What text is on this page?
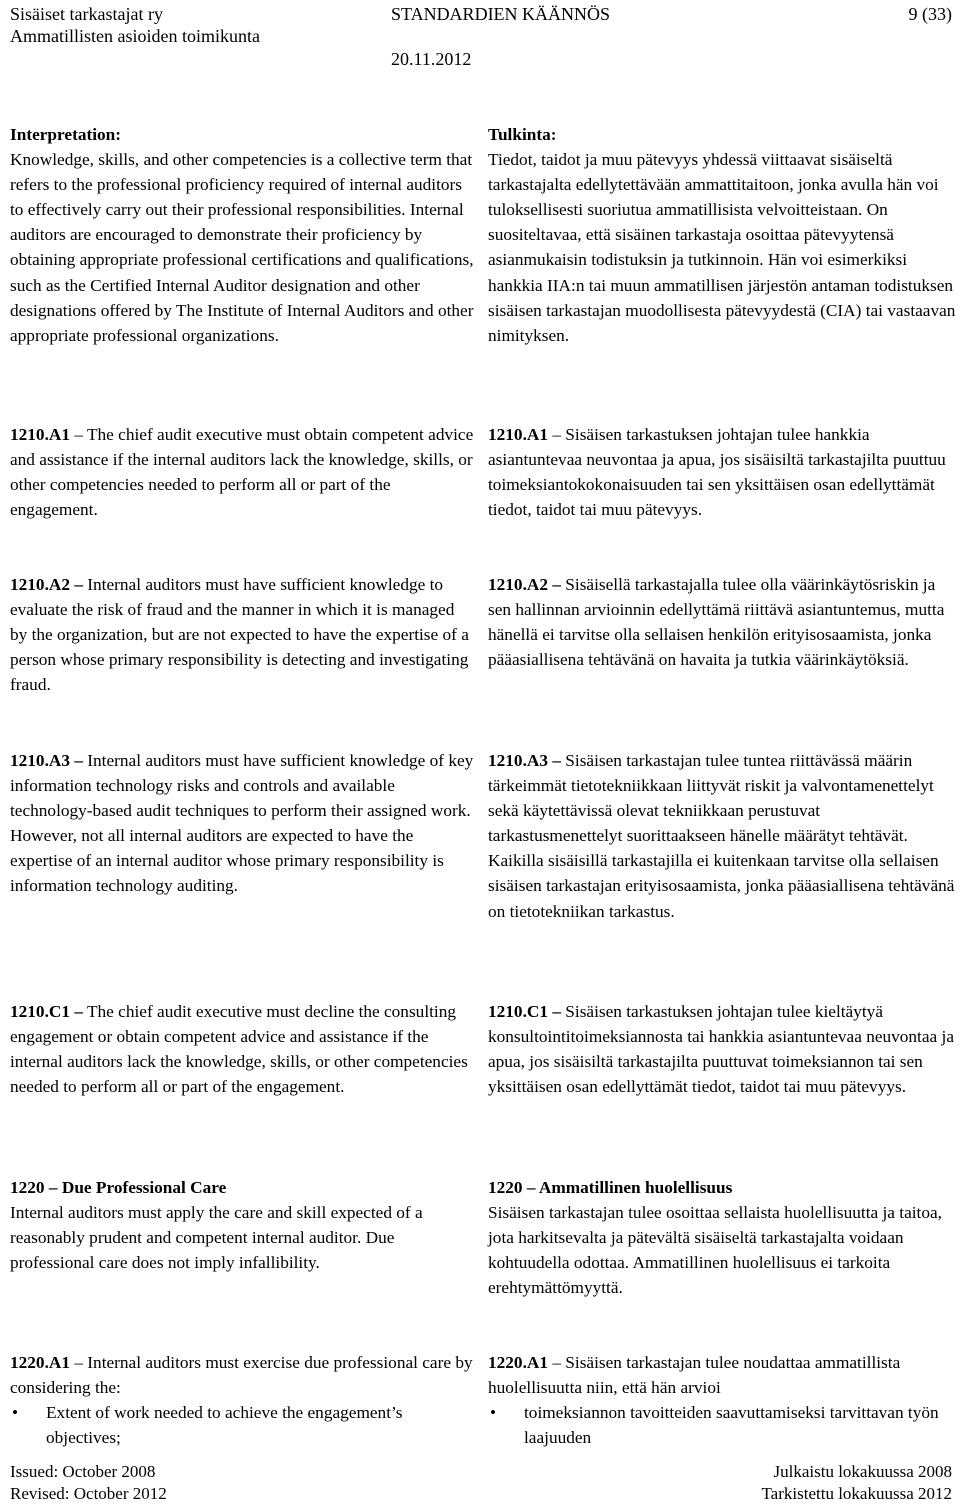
Sisäiset tarkastajat ry
Ammatillisten asioiden toimikunta
STANDARDIEN KÄÄNNÖS
20.11.2012
9 (33)

Interpretation:

Knowledge, skills, and other competencies is a collective term that refers to the professional proficiency required of internal auditors to effectively carry out their professional responsibilities. Internal auditors are encouraged to demonstrate their proficiency by obtaining appropriate professional certifications and qualifications, such as the Certified Internal Auditor designation and other designations offered by The Institute of Internal Auditors and other appropriate professional organizations.

1210.A1 – The chief audit executive must obtain competent advice and assistance if the internal auditors lack the knowledge, skills, or other competencies needed to perform all or part of the engagement.

1210.A2 – Internal auditors must have sufficient knowledge to evaluate the risk of fraud and the manner in which it is managed by the organization, but are not expected to have the expertise of a person whose primary responsibility is detecting and investigating fraud.

1210.A3 – Internal auditors must have sufficient knowledge of key information technology risks and controls and available technology-based audit techniques to perform their assigned work. However, not all internal auditors are expected to have the expertise of an internal auditor whose primary responsibility is information technology auditing.

1210.C1 – The chief audit executive must decline the consulting engagement or obtain competent advice and assistance if the internal auditors lack the knowledge, skills, or other competencies needed to perform all or part of the engagement.

1220 – Due Professional Care

Internal auditors must apply the care and skill expected of a reasonably prudent and competent internal auditor. Due professional care does not imply infallibility.

1220.A1 – Internal auditors must exercise due professional care by considering the:

• Extent of work needed to achieve the engagement’s objectives;

Tulkinta:

Tiedot, taidot ja muu pätevyys yhdessä viittaavat sisäiseltä tarkastajalta edellytettävään ammattitaitoon, jonka avulla hän voi tuloksellisesti suoriutua ammatillisista velvoitteistaan. On suositeltavaa, että sisäinen tarkastaja osoittaa pätevyytensä asianmukaisin todistuksin ja tutkinnoin. Hän voi esimerkiksi hankkia IIA:n tai muun ammatillisen järjestön antaman todistuksen sisäisen tarkastajan muodollisesta pätevyydestä (CIA) tai vastaavan nimityksen.

1210.A1 – Sisäisen tarkastuksen johtajan tulee hankkia asiantuntevaa neuvontaa ja apua, jos sisäisiltä tarkastajilta puuttuu toimeksiantokokonaisuuden tai sen yksittäisen osan edellyttämät tiedot, taidot tai muu pätevyys.

1210.A2 – Sisäisellä tarkastajalla tulee olla väärinkäytösriskin ja sen hallinnan arvioinnin edellyttämä riittävä asiantuntemus, mutta hänellä ei tarvitse olla sellaisen henkilön erityisosaamista, jonka pääasiallisena tehtävänä on havaita ja tutkia väärinkäytöksiä.

1210.A3 – Sisäisen tarkastajan tulee tuntea riittävässä määrin tärkeimmät tietotekniikkaan liittyvät riskit ja valvontamenettelyt sekä käytettävissä olevat tekniikkaan perustuvat tarkastusmenettelyt suorittaakseen hänelle määrätyt tehtävät. Kaikilla sisäisillä tarkastajilla ei kuitenkaan tarvitse olla sellaisen sisäisen tarkastajan erityisosaamista, jonka pääasiallisena tehtävänä on tietotekniikan tarkastus.

1210.C1 – Sisäisen tarkastuksen johtajan tulee kieltäytyä konsultointitoimeksiannosta tai hankkia asiantuntevaa neuvontaa ja apua, jos sisäisiltä tarkastajilta puuttuvat toimeksiannon tai sen yksittäisen osan edellyttämät tiedot, taidot tai muu pätevyys.

1220 – Ammatillinen huolellisuus

Sisäisen tarkastajan tulee osoittaa sellaista huolellisuutta ja taitoa, jota harkitsevalta ja pätevältä sisäiseltä tarkastajalta voidaan kohtuudella odottaa. Ammatillinen huolellisuus ei tarkoita erehtymättömyyttä.

1220.A1 – Sisäisen tarkastajan tulee noudattaa ammatillista huolellisuutta niin, että hän arvioi

• toimeksiannon tavoitteiden saavuttamiseksi tarvittavan työn laajuuden
Issued: October 2008
Revised: October 2012
Julkaistu lokakuussa 2008
Tarkistettu lokakuussa 2012
